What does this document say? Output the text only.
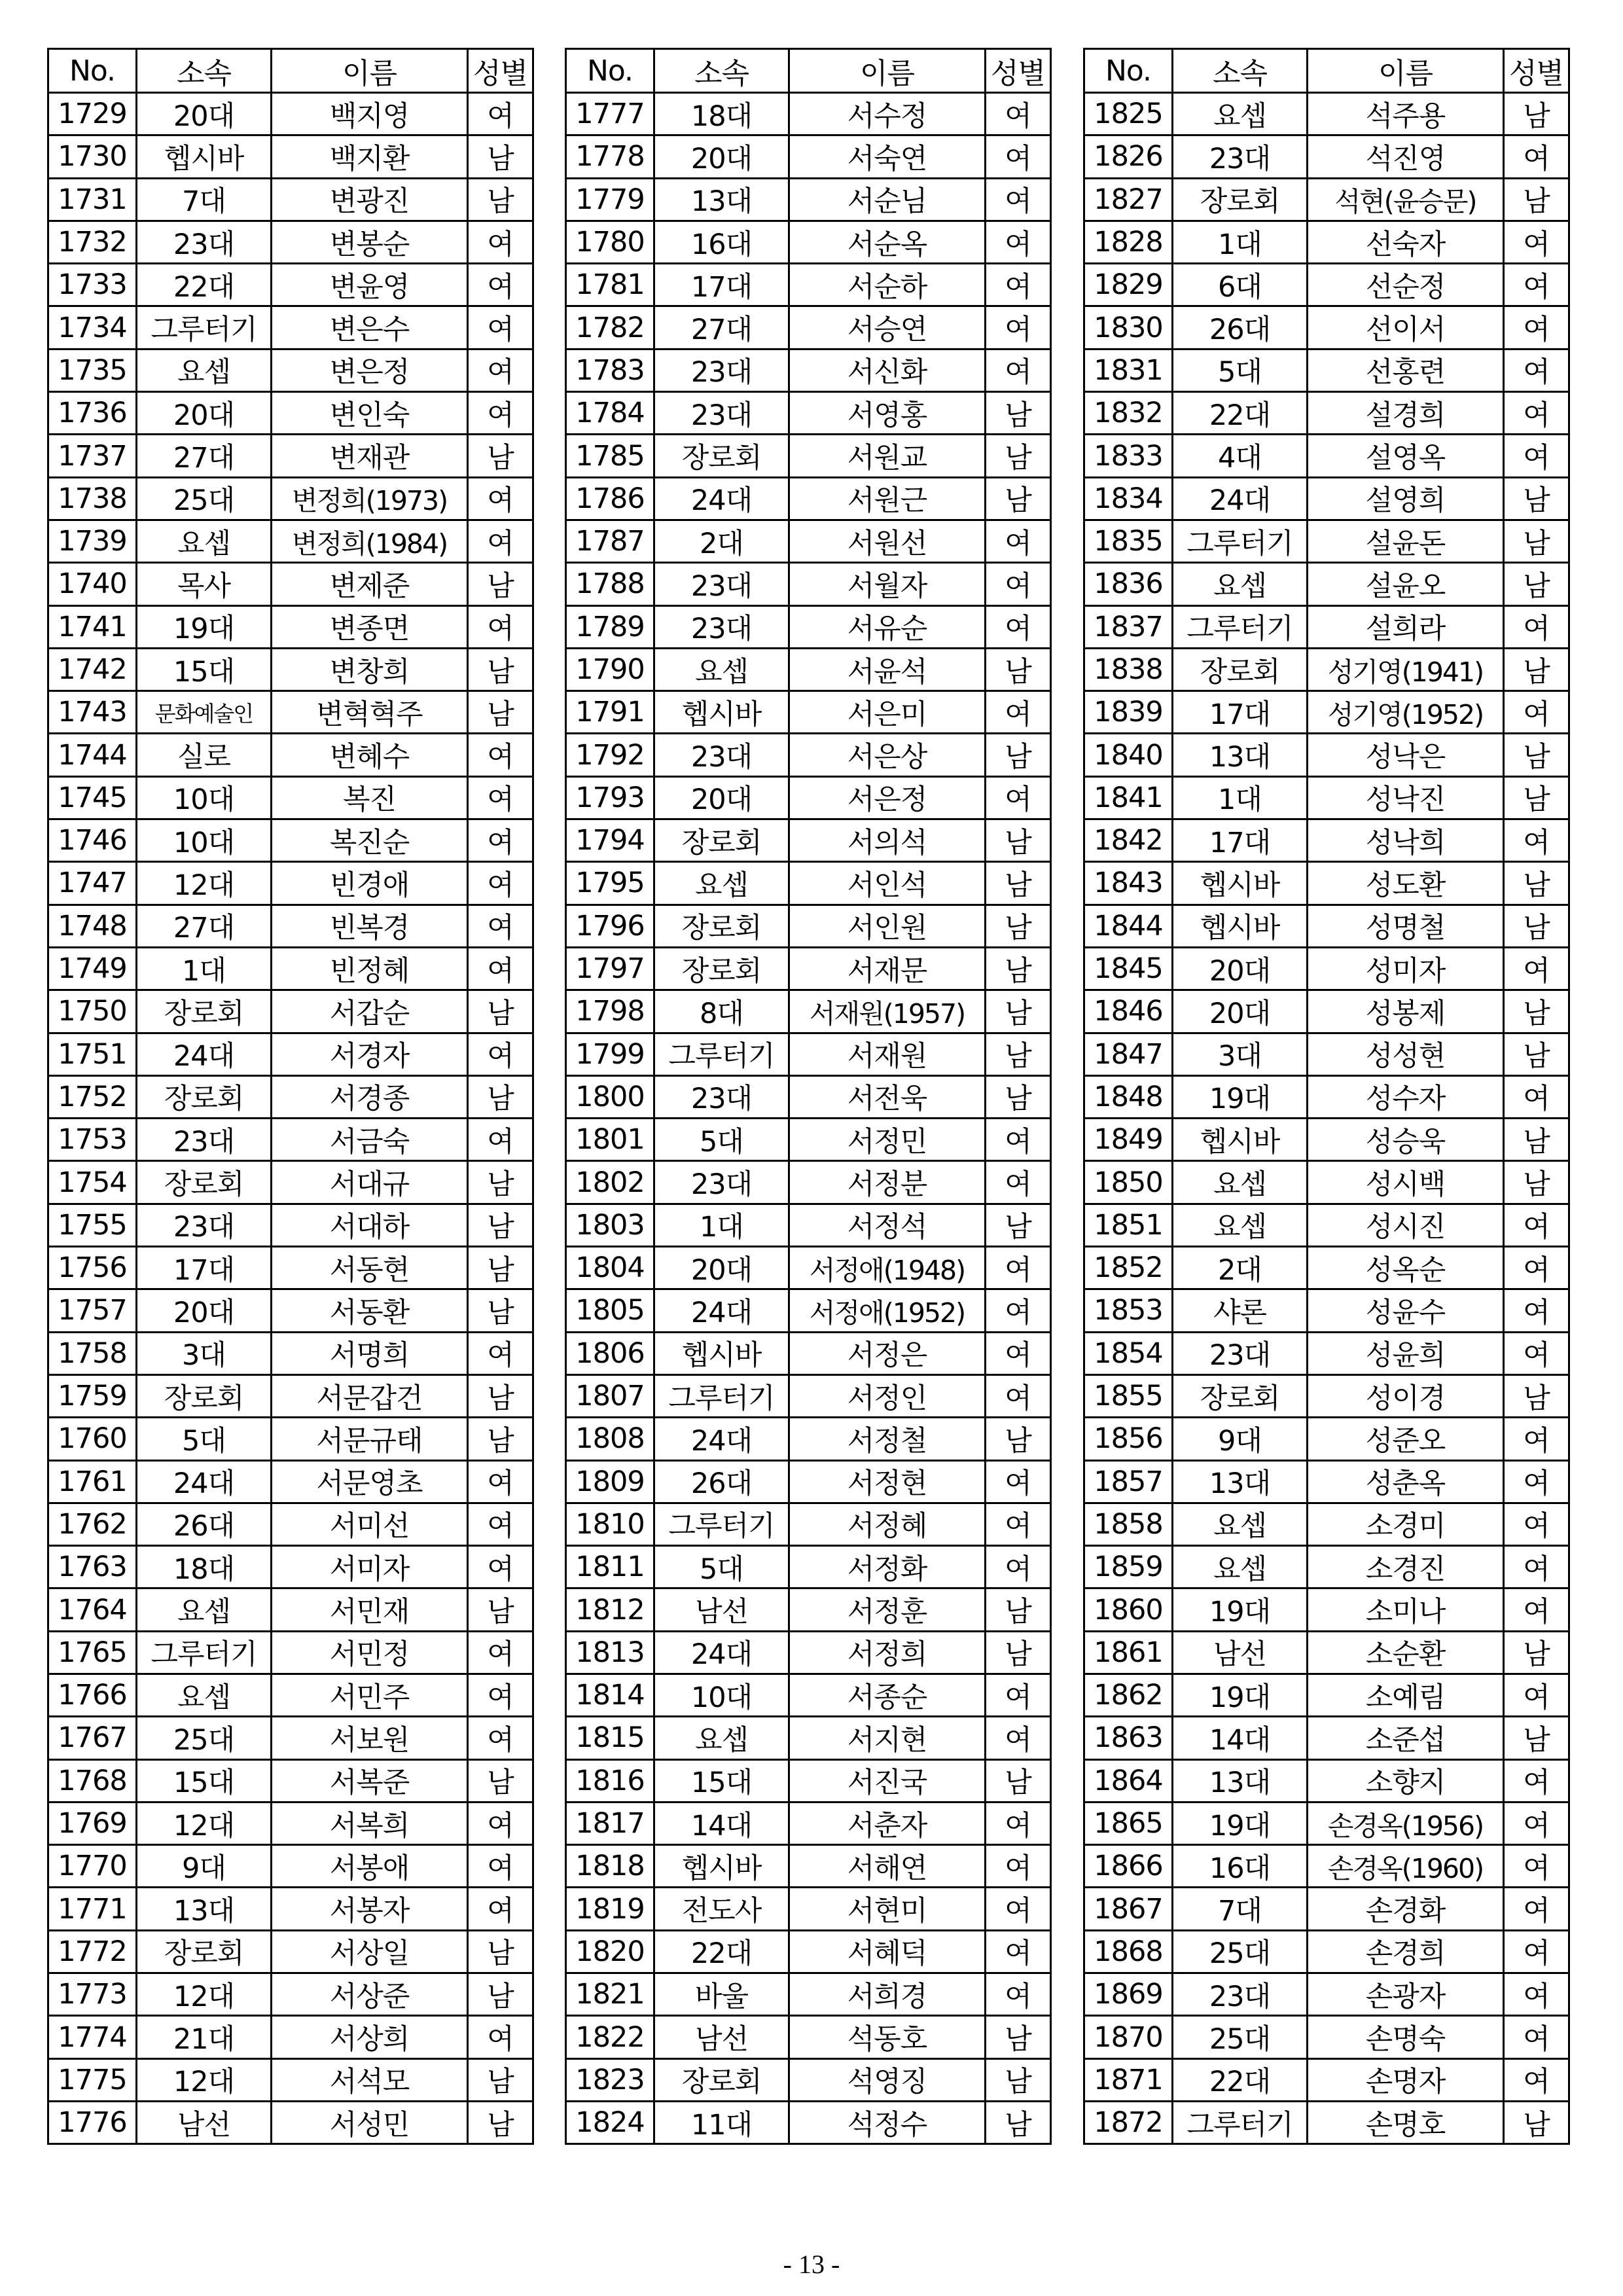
No.	소속	이름	성별
1729	20대	백지영	여
1730	헵시바	백지환	남
1731	7대	변광진	남
1732	23대	변봉순	여
1733	22대	변윤영	여
1734	그루터기	변은수	여
1735	요셉	변은정	여
1736	20대	변인숙	여
1737	27대	변재관	남
1738	25대	변정희(1973)	여
1739	요셉	변정희(1984)	여
1740	목사	변제준	남
1741	19대	변종면	여
1742	15대	변창희	남
1743	문화예술인	변혁혁주	남
1744	실로	변혜수	여
1745	10대	복진	여
1746	10대	복진순	여
1747	12대	빈경애	여
1748	27대	빈복경	여
1749	1대	빈정혜	여
1750	장로회	서갑순	남
1751	24대	서경자	여
1752	장로회	서경종	남
1753	23대	서금숙	여
1754	장로회	서대규	남
1755	23대	서대하	남
1756	17대	서동현	남
1757	20대	서동환	남
1758	3대	서명희	여
1759	장로회	서문갑건	남
1760	5대	서문규태	남
1761	24대	서문영초	여
1762	26대	서미선	여
1763	18대	서미자	여
1764	요셉	서민재	남
1765	그루터기	서민정	여
1766	요셉	서민주	여
1767	25대	서보원	여
1768	15대	서복준	남
1769	12대	서복희	여
1770	9대	서봉애	여
1771	13대	서봉자	여
1772	장로회	서상일	남
1773	12대	서상준	남
1774	21대	서상희	여
1775	12대	서석모	남
1776	남선	서성민	남
No.	소속	이름	성별
1777	18대	서수정	여
1778	20대	서숙연	여
1779	13대	서순님	여
1780	16대	서순옥	여
1781	17대	서순하	여
1782	27대	서승연	여
1783	23대	서신화	여
1784	23대	서영홍	남
1785	장로회	서원교	남
1786	24대	서원근	남
1787	2대	서원선	여
1788	23대	서월자	여
1789	23대	서유순	여
1790	요셉	서윤석	남
1791	헵시바	서은미	여
1792	23대	서은상	남
1793	20대	서은정	여
1794	장로회	서의석	남
1795	요셉	서인석	남
1796	장로회	서인원	남
1797	장로회	서재문	남
1798	8대	서재원(1957)	남
1799	그루터기	서재원	남
1800	23대	서전욱	남
1801	5대	서정민	여
1802	23대	서정분	여
1803	1대	서정석	남
1804	20대	서정애(1948)	여
1805	24대	서정애(1952)	여
1806	헵시바	서정은	여
1807	그루터기	서정인	여
1808	24대	서정철	남
1809	26대	서정현	여
1810	그루터기	서정혜	여
1811	5대	서정화	여
1812	남선	서정훈	남
1813	24대	서정희	남
1814	10대	서종순	여
1815	요셉	서지현	여
1816	15대	서진국	남
1817	14대	서춘자	여
1818	헵시바	서해연	여
1819	전도사	서현미	여
1820	22대	서혜덕	여
1821	바울	서희경	여
1822	남선	석동호	남
1823	장로회	석영징	남
1824	11대	석정수	남
No.	소속	이름	성별
1825	요셉	석주용	남
1826	23대	석진영	여
1827	장로회	석현(윤승문)	남
1828	1대	선숙자	여
1829	6대	선순정	여
1830	26대	선이서	여
1831	5대	선홍련	여
1832	22대	설경희	여
1833	4대	설영옥	여
1834	24대	설영희	남
1835	그루터기	설윤돈	남
1836	요셉	설윤오	남
1837	그루터기	설희라	여
1838	장로회	성기영(1941)	남
1839	17대	성기영(1952)	여
1840	13대	성낙은	남
1841	1대	성낙진	남
1842	17대	성낙희	여
1843	헵시바	성도환	남
1844	헵시바	성명철	남
1845	20대	성미자	여
1846	20대	성봉제	남
1847	3대	성성현	남
1848	19대	성수자	여
1849	헵시바	성승욱	남
1850	요셉	성시백	남
1851	요셉	성시진	여
1852	2대	성옥순	여
1853	샤론	성윤수	여
1854	23대	성윤희	여
1855	장로회	성이경	남
1856	9대	성준오	여
1857	13대	성춘옥	여
1858	요셉	소경미	여
1859	요셉	소경진	여
1860	19대	소미나	여
1861	남선	소순환	남
1862	19대	소예림	여
1863	14대	소준섭	남
1864	13대	소향지	여
1865	19대	손경옥(1956)	여
1866	16대	손경옥(1960)	여
1867	7대	손경화	여
1868	25대	손경희	여
1869	23대	손광자	여
1870	25대	손명숙	여
1871	22대	손명자	여
1872	그루터기	손명호	남
- 13 -
